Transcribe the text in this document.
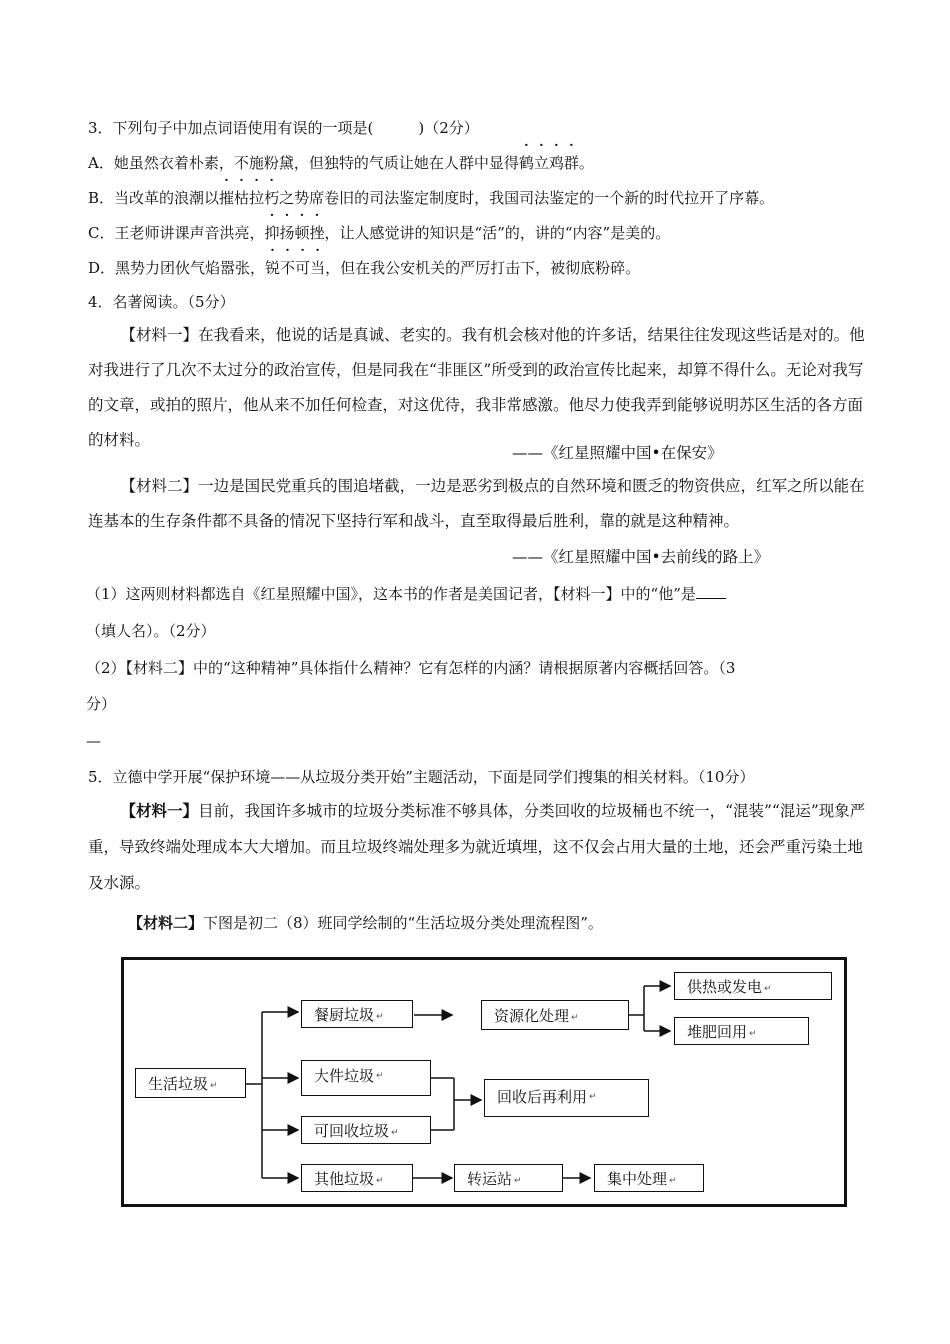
3．下列句子中加点词语使用有误的一项是(　　　)（2分）
A．她虽然衣着朴素，不施粉黛，但独特的气质让她在人群中显得鹤立鸡群。
B．当改革的浪潮以摧枯拉朽之势席卷旧的司法鉴定制度时，我国司法鉴定的一个新的时代拉开了序幕。
C．王老师讲课声音洪亮，抑扬顿挫，让人感觉讲的知识是“活”的，讲的“内容”是美的。
D．黑势力团伙气焰嚣张，锐不可当，但在我公安机关的严厉打击下，被彻底粉碎。
4．名著阅读。（5分）
【材料一】在我看来，他说的话是真诚、老实的。我有机会核对他的许多话，结果往往发现这些话是对的。他对我进行了几次不太过分的政治宣传，但是同我在“非匪区”所受到的政治宣传比起来，却算不得什么。无论对我写的文章，或拍的照片，他从来不加任何检查，对这优待，我非常感激。他尽力使我弄到能够说明苏区生活的各方面的材料。
——《红星照耀中国•在保安》
【材料二】一边是国民党重兵的围追堵截，一边是恶劣到极点的自然环境和匮乏的物资供应，红军之所以能在连基本的生存条件都不具备的情况下坚持行军和战斗，直至取得最后胜利，靠的就是这种精神。
——《红星照耀中国•去前线的路上》
（1）这两则材料都选自《红星照耀中国》，这本书的作者是美国记者，【材料一】中的“他”是
（填人名）。（2分）
（2）【材料二】中的“这种精神”具体指什么精神？它有怎样的内涵？请根据原著内容概括回答。（3
分）
—
5．立德中学开展“保护环境——从垃圾分类开始”主题活动，下面是同学们搜集的相关材料。（10分）
【材料一】目前，我国许多城市的垃圾分类标准不够具体，分类回收的垃圾桶也不统一，“混装”“混运”现象严重，导致终端处理成本大大增加。而且垃圾终端处理多为就近填埋，这不仅会占用大量的土地，还会严重污染土地及水源。
【材料二】下图是初二（8）班同学绘制的“生活垃圾分类处理流程图”。
生活垃圾 ↵
餐厨垃圾 ↵	资源化处理 ↵
供热或发电 ↵
堆肥回用 ↵
大件垃圾 ↵
可回收垃圾 ↵
回收后再利用 ↵
其他垃圾 ↵	转运站 ↵	集中处理 ↵
